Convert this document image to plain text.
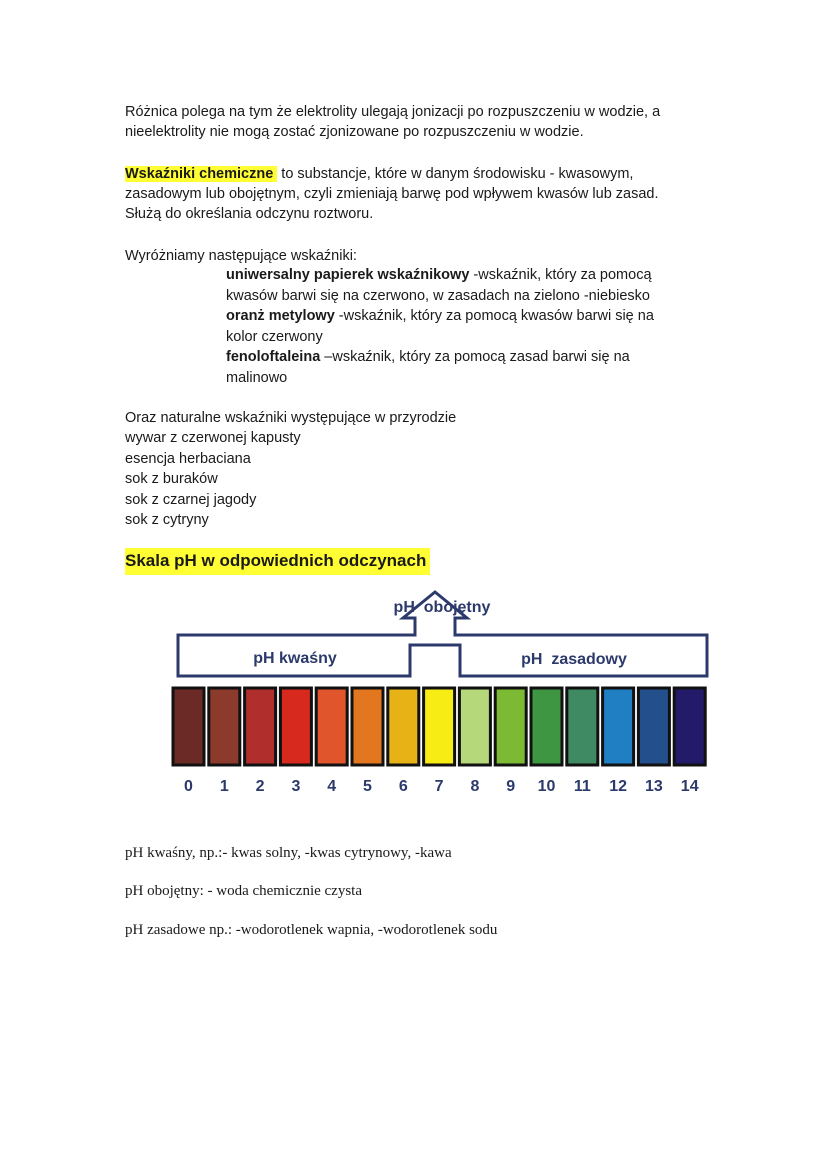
Różnica polega na tym że elektrolity ulegają jonizacji po rozpuszczeniu w wodzie, a
nieelektrolity nie mogą zostać zjonizowane po rozpuszczeniu w wodzie.

Wskaźniki chemiczne to substancje, które w danym środowisku - kwasowym,
zasadowym lub obojętnym, czyli zmieniają barwę pod wpływem kwasów lub zasad.
Służą do określania odczynu roztworu.

Wyróżniamy następujące wskaźniki:

uniwersalny papierek wskaźnikowy -wskaźnik, który za pomocą

kwasów barwi się na czerwono, w zasadach na zielono -niebiesko

oranż metylowy -wskaźnik, który za pomocą kwasów barwi się na

kolor czerwony

fenoloftaleina –wskaźnik, który za pomocą zasad barwi się na

malinowo

Oraz naturalne wskaźniki występujące w przyrodzie
wywar z czerwonej kapusty
esencja herbaciana
sok z buraków
sok z czarnej jagody
sok z cytryny
Skala pH w odpowiednich odczynach
pH  obojętny
pH kwaśny	pH  zasadowy
0 1 2 3 4 5 6 7 8 9 10 11 12 13 14

pH kwaśny, np.:- kwas solny, -kwas cytrynowy, -kawa

pH obojętny: - woda chemicznie czysta

pH zasadowe np.: -wodorotlenek wapnia, -wodorotlenek sodu
